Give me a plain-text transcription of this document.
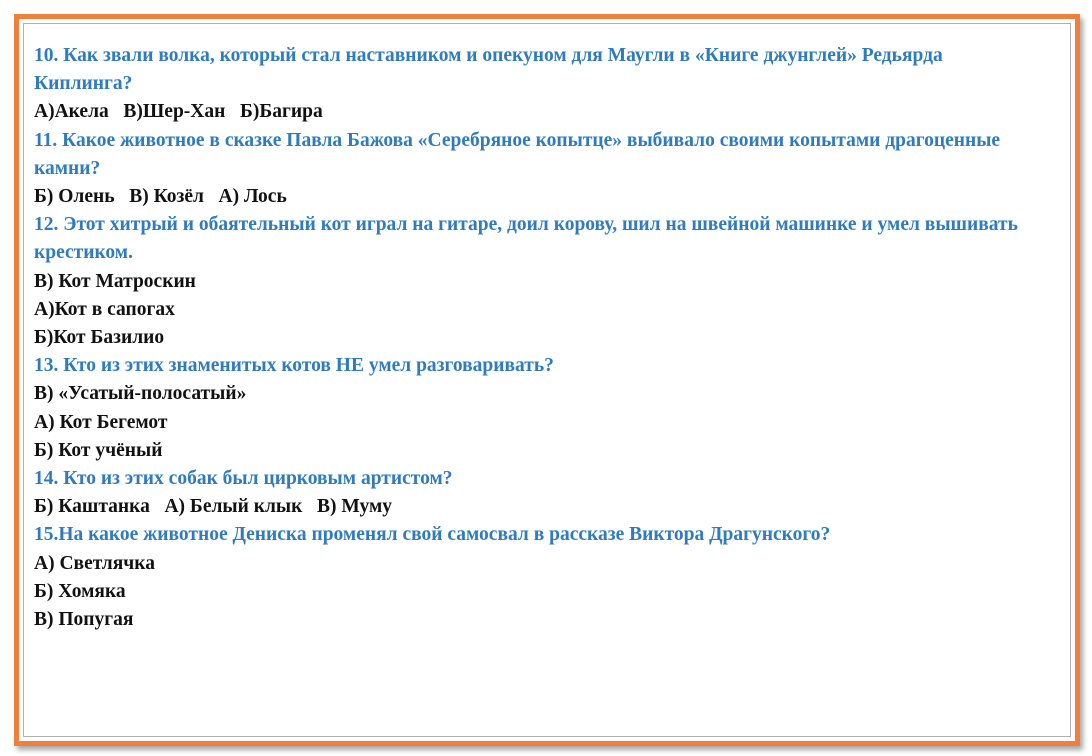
10. Как звали волка, который стал наставником и опекуном для Маугли в «Книге джунглей» Редьярда Киплинга?

А)Акела   В)Шер-Хан   Б)Багира

11. Какое животное в сказке Павла Бажова «Серебряное копытце» выбивало своими копытами драгоценные камни?

Б) Олень   В) Козёл   А) Лось

12. Этот хитрый и обаятельный кот играл на гитаре, доил корову, шил на швейной машинке и умел вышивать крестиком.

В) Кот Матроскин

А)Кот в сапогах

Б)Кот Базилио

13. Кто из этих знаменитых котов НЕ умел разговаривать?

В) «Усатый-полосатый»

А) Кот Бегемот

Б) Кот учёный

14. Кто из этих собак был цирковым артистом?

Б) Каштанка   А) Белый клык   В) Муму

15.На какое животное Дениска променял свой самосвал в рассказе Виктора Драгунского?

А) Светлячка

Б) Хомяка

В) Попугая
